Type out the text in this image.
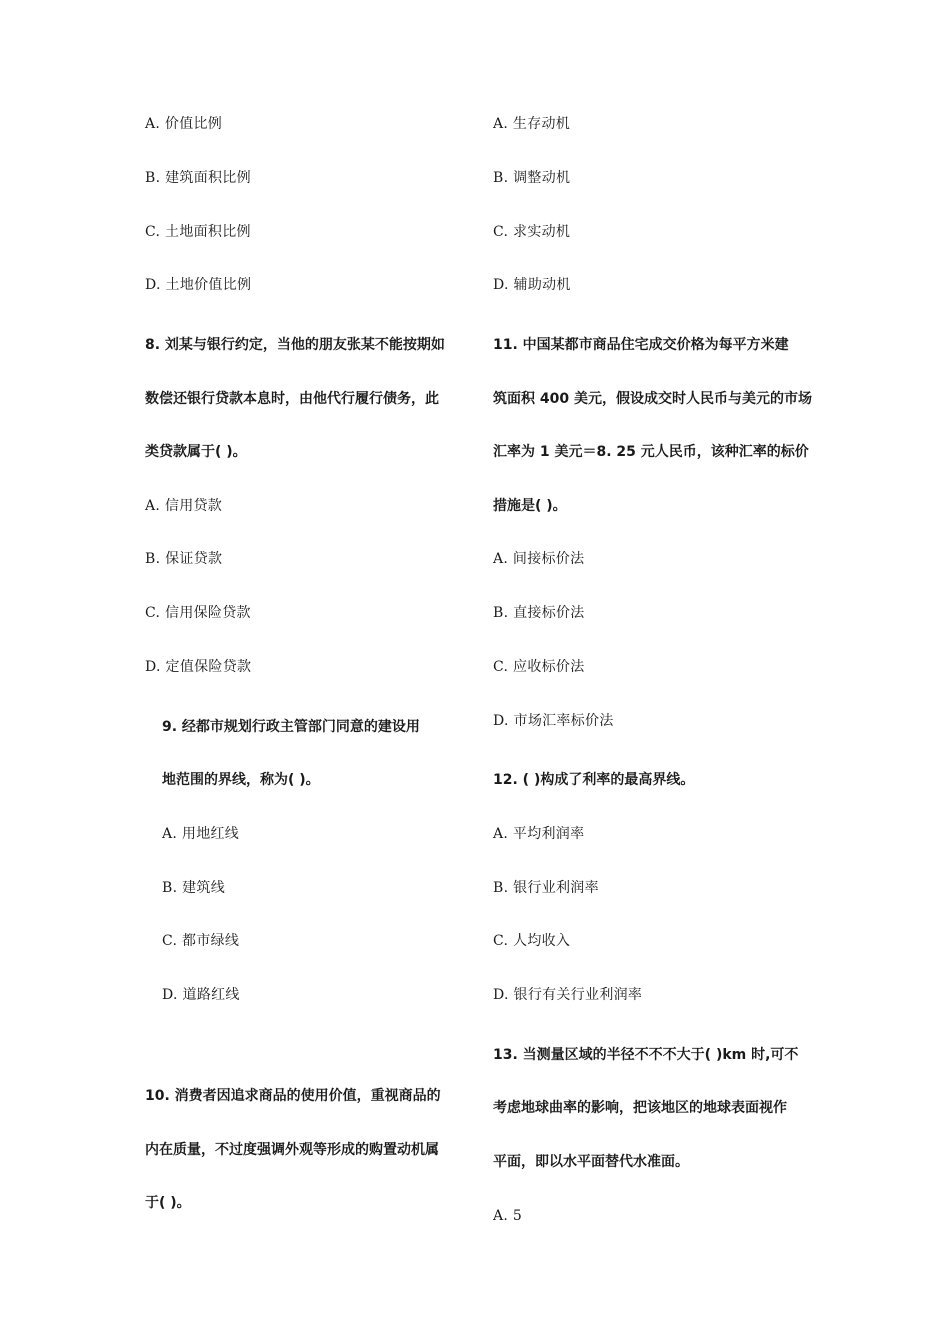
A. 价值比例
B. 建筑面积比例
C. 土地面积比例
D. 土地价值比例
8. 刘某与银行约定，当他的朋友张某不能按期如
数偿还银行贷款本息时，由他代行履行债务，此
类贷款属于( )。
A. 信用贷款
B. 保证贷款
C. 信用保险贷款
D. 定值保险贷款
9. 经都市规划行政主管部门同意的建设用
地范围的界线，称为( )。
A. 用地红线
B. 建筑线
C. 都市绿线
D. 道路红线
10. 消费者因追求商品的使用价值，重视商品的
内在质量，不过度强调外观等形成的购置动机属
于( )。
A. 生存动机
B. 调整动机
C. 求实动机
D. 辅助动机
11. 中国某都市商品住宅成交价格为每平方米建
筑面积 400 美元，假设成交时人民币与美元的市场
汇率为 1 美元＝8. 25 元人民币，该种汇率的标价
措施是( )。
A. 间接标价法
B. 直接标价法
C. 应收标价法
D. 市场汇率标价法
12. ( )构成了利率的最高界线。
A. 平均利润率
B. 银行业利润率
C. 人均收入
D. 银行有关行业利润率
13. 当测量区域的半径不不不大于( )km 时,可不
考虑地球曲率的影响，把该地区的地球表面视作
平面，即以水平面替代水准面。
A. 5
